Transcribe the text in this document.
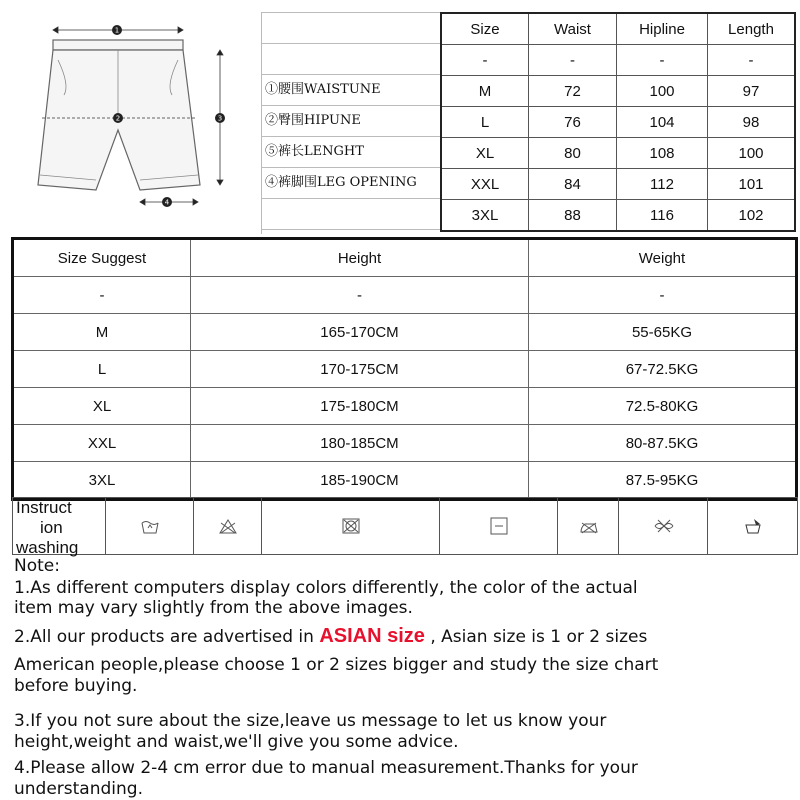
1
2	3
4
①腰围WAISTUNE
②臀围HIPUNE
⑤裤长LENGHT
④裤脚围LEG OPENING
Size	Waist	Hipline	Length
-	-	-	-
M	72	100	97
L	76	104	98
XL	80	108	100
XXL	84	112	101
3XL	88	116	102
Size Suggest	Height	Weight
-	-	-
M	165-170CM	55-65KG
L	170-175CM	67-72.5KG
XL	175-180CM	72.5-80KG
XXL	180-185CM	80-87.5KG
3XL	185-190CM	87.5-95KG
Instruct
ion
washing
Note:
1.As different computers display colors differently, the color of the actual
item may vary slightly from the above images.
2.All our products are advertised in ASIAN size , Asian size is 1 or 2 sizes
American people,please choose 1 or 2 sizes bigger and study the size chart
before buying.
3.If you not sure about the size,leave us message to let us know your
height,weight and waist,we'll give you some advice.
4.Please allow 2-4 cm error due to manual measurement.Thanks for your
understanding.
